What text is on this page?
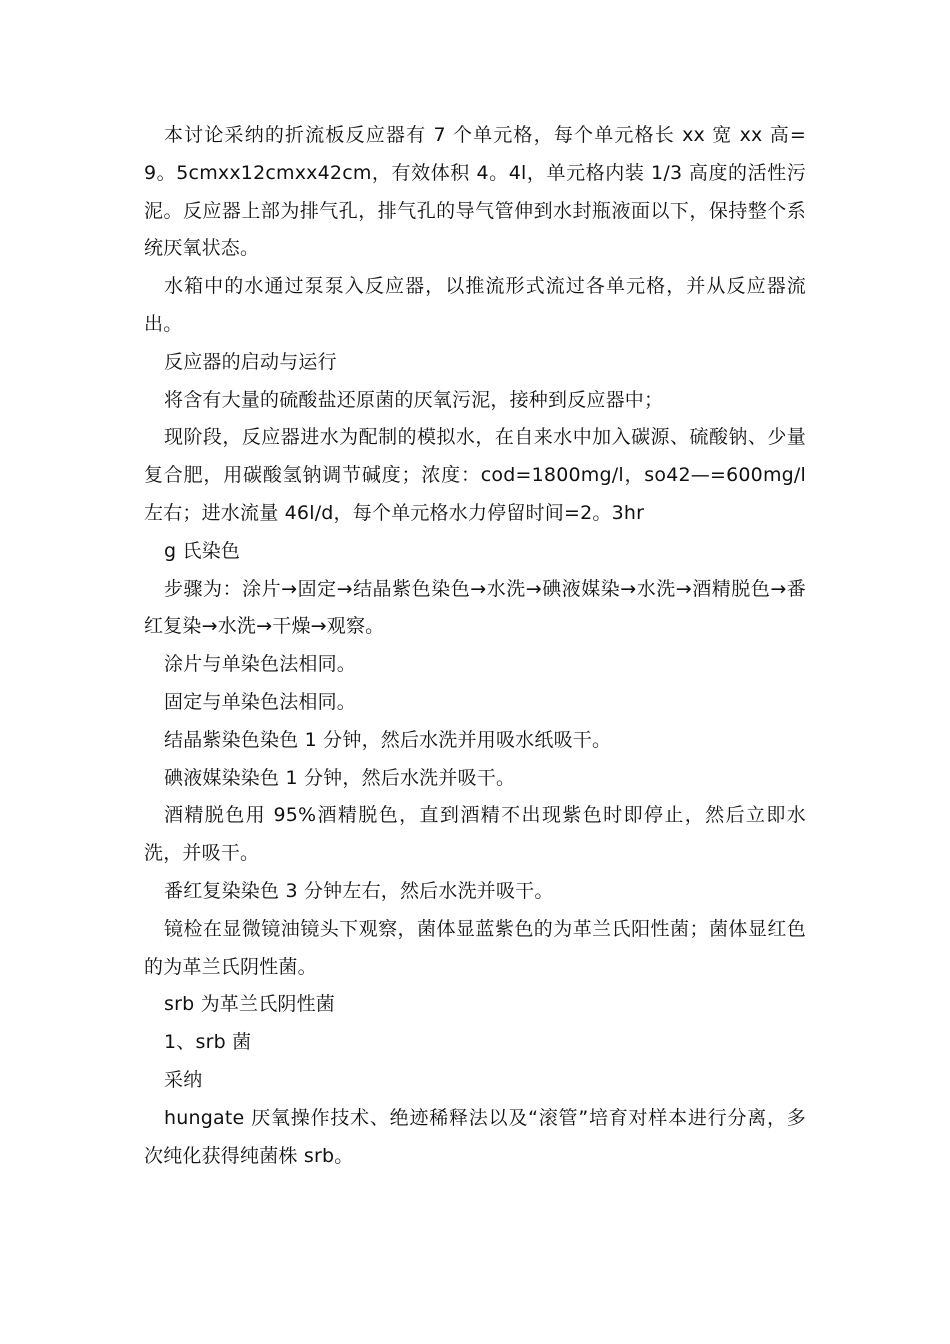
本讨论采纳的折流板反应器有 7 个单元格，每个单元格长 xx 宽 xx 高=9。5cmxx12cmxx42cm，有效体积 4。4l，单元格内装 1/3 高度的活性污泥。反应器上部为排气孔，排气孔的导气管伸到水封瓶液面以下，保持整个系统厌氧状态。

水箱中的水通过泵泵入反应器，以推流形式流过各单元格，并从反应器流出。

反应器的启动与运行

将含有大量的硫酸盐还原菌的厌氧污泥，接种到反应器中；

现阶段，反应器进水为配制的模拟水，在自来水中加入碳源、硫酸钠、少量复合肥，用碳酸氢钠调节碱度；浓度：cod=1800mg/l，so42—=600mg/l 左右；进水流量 46l/d，每个单元格水力停留时间=2。3hr

g 氏染色

步骤为：涂片→固定→结晶紫色染色→水洗→碘液媒染→水洗→酒精脱色→番红复染→水洗→干燥→观察。

涂片与单染色法相同。

固定与单染色法相同。

结晶紫染色染色 1 分钟，然后水洗并用吸水纸吸干。

碘液媒染染色 1 分钟，然后水洗并吸干。

酒精脱色用 95%酒精脱色，直到酒精不出现紫色时即停止，然后立即水洗，并吸干。

番红复染染色 3 分钟左右，然后水洗并吸干。

镜检在显微镜油镜头下观察，菌体显蓝紫色的为革兰氏阳性菌；菌体显红色的为革兰氏阴性菌。

srb 为革兰氏阴性菌

1、srb 菌

采纳

hungate 厌氧操作技术、绝迹稀释法以及“滚管”培育对样本进行分离，多次纯化获得纯菌株 srb。
